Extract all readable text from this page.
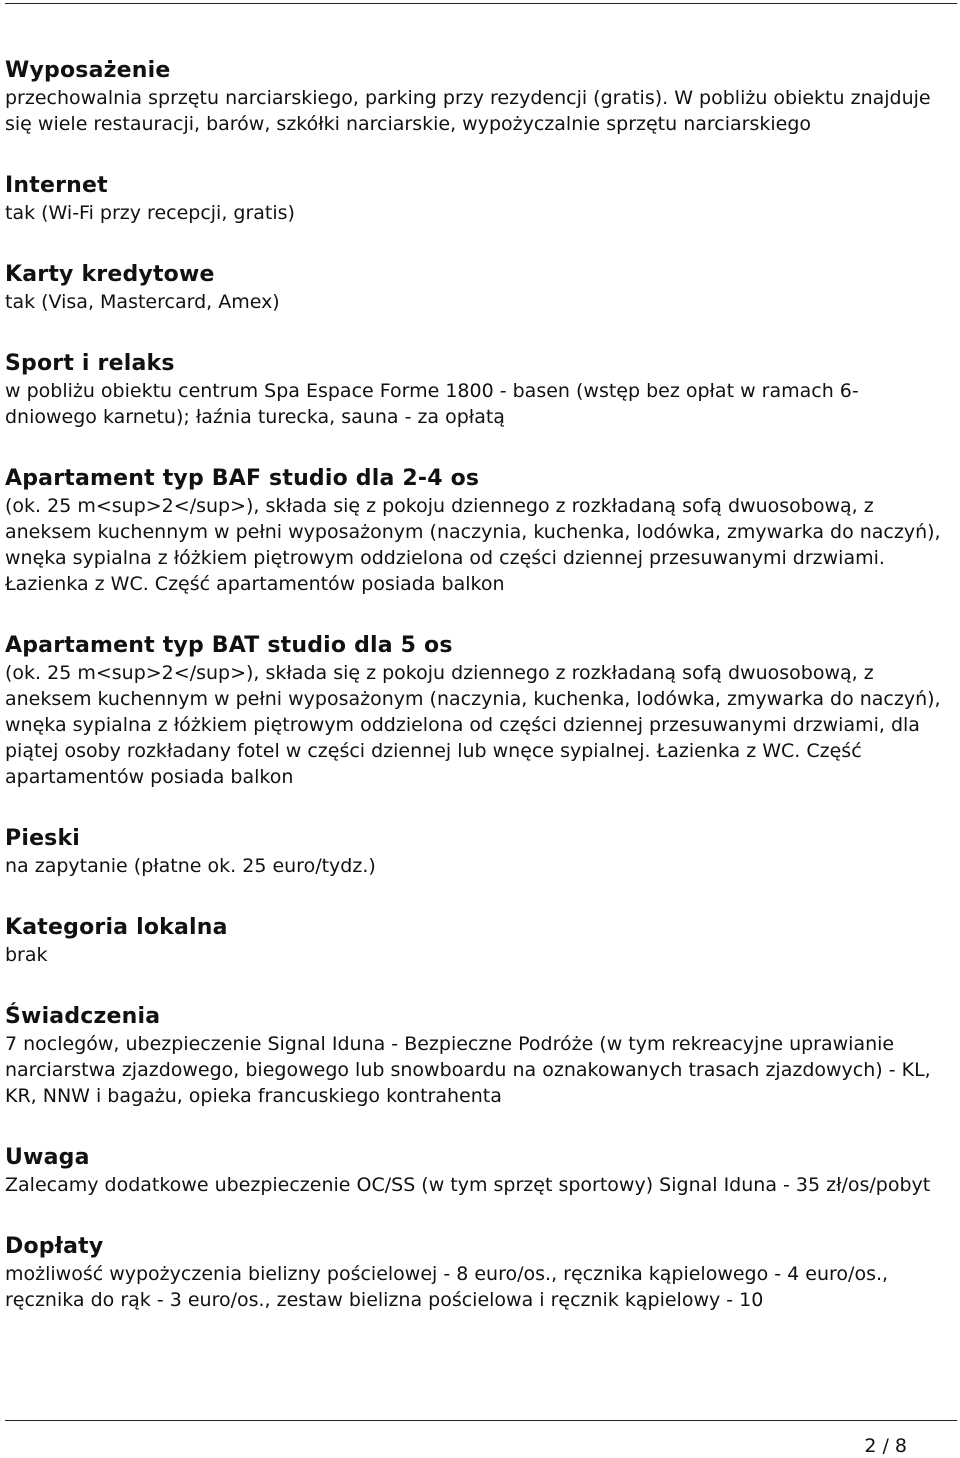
Wyposażenie

przechowalnia sprzętu narciarskiego, parking przy rezydencji (gratis). W pobliżu obiektu znajduje się wiele restauracji, barów, szkółki narciarskie, wypożyczalnie sprzętu narciarskiego

Internet

tak (Wi-Fi przy recepcji, gratis)

Karty kredytowe

tak (Visa, Mastercard, Amex)

Sport i relaks

w pobliżu obiektu centrum Spa Espace Forme 1800 - basen (wstęp bez opłat w ramach 6-dniowego karnetu); łaźnia turecka, sauna - za opłatą

Apartament typ BAF studio dla 2-4 os

(ok. 25 m<sup>2</sup>), składa się z pokoju dziennego z rozkładaną sofą dwuosobową, z aneksem kuchennym w pełni wyposażonym (naczynia, kuchenka, lodówka, zmywarka do naczyń), wnęka sypialna z łóżkiem piętrowym oddzielona od części dziennej przesuwanymi drzwiami. Łazienka z WC. Część apartamentów posiada balkon

Apartament typ BAT studio dla 5 os

(ok. 25 m<sup>2</sup>), składa się z pokoju dziennego z rozkładaną sofą dwuosobową, z aneksem kuchennym w pełni wyposażonym (naczynia, kuchenka, lodówka, zmywarka do naczyń), wnęka sypialna z łóżkiem piętrowym oddzielona od części dziennej przesuwanymi drzwiami, dla piątej osoby rozkładany fotel w części dziennej lub wnęce sypialnej. Łazienka z WC. Część apartamentów posiada balkon

Pieski

na zapytanie (płatne ok. 25 euro/tydz.)

Kategoria lokalna

brak

Świadczenia

7 noclegów, ubezpieczenie Signal Iduna - Bezpieczne Podróże (w tym rekreacyjne uprawianie narciarstwa zjazdowego, biegowego lub snowboardu na oznakowanych trasach zjazdowych) - KL, KR, NNW i bagażu, opieka francuskiego kontrahenta

Uwaga

Zalecamy dodatkowe ubezpieczenie OC/SS (w tym sprzęt sportowy) Signal Iduna - 35 zł/os/pobyt

Dopłaty

możliwość wypożyczenia bielizny pościelowej - 8 euro/os., ręcznika kąpielowego - 4 euro/os., ręcznika do rąk - 3 euro/os., zestaw bielizna pościelowa i ręcznik kąpielowy - 10

2 / 8
